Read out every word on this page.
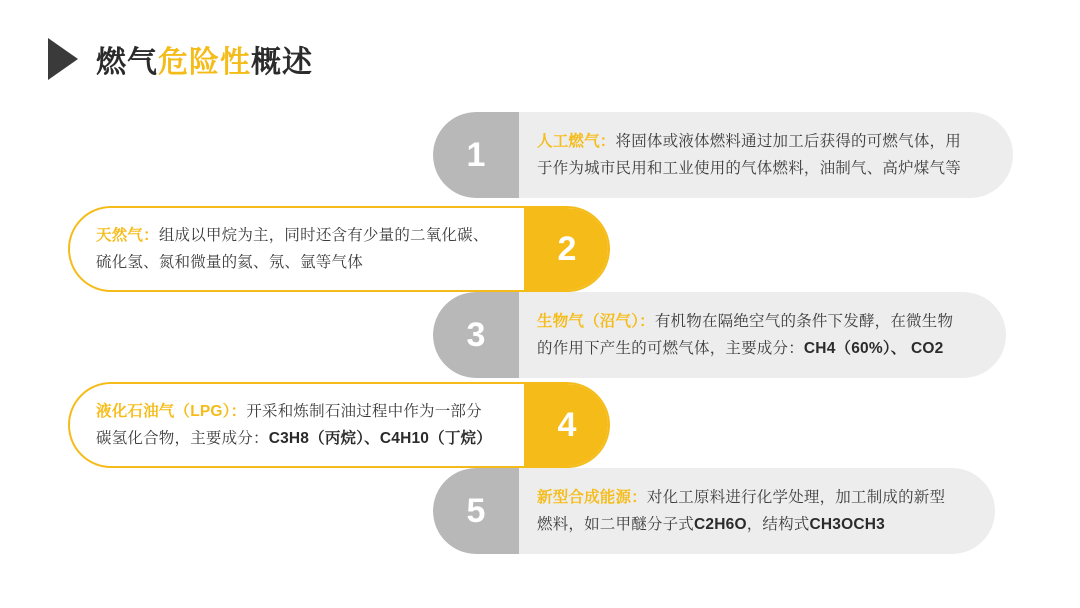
燃气危险性概述
1	人工燃气：将固体或液体燃料通过加工后获得的可燃气体，用
于作为城市民用和工业使用的气体燃料，油制气、高炉煤气等
天然气：组成以甲烷为主，同时还含有少量的二氧化碳、
硫化氢、氮和微量的氦、氖、氩等气体	2
3	生物气（沼气）：有机物在隔绝空气的条件下发酵，在微生物
的作用下产生的可燃气体，主要成分：CH4（60%）、 CO2
液化石油气（LPG）：开采和炼制石油过程中作为一部分
碳氢化合物，主要成分：C3H8（丙烷）、C4H10（丁烷）	4
5	新型合成能源：对化工原料进行化学处理，加工制成的新型
燃料，如二甲醚分子式C2H6O，结构式CH3OCH3
